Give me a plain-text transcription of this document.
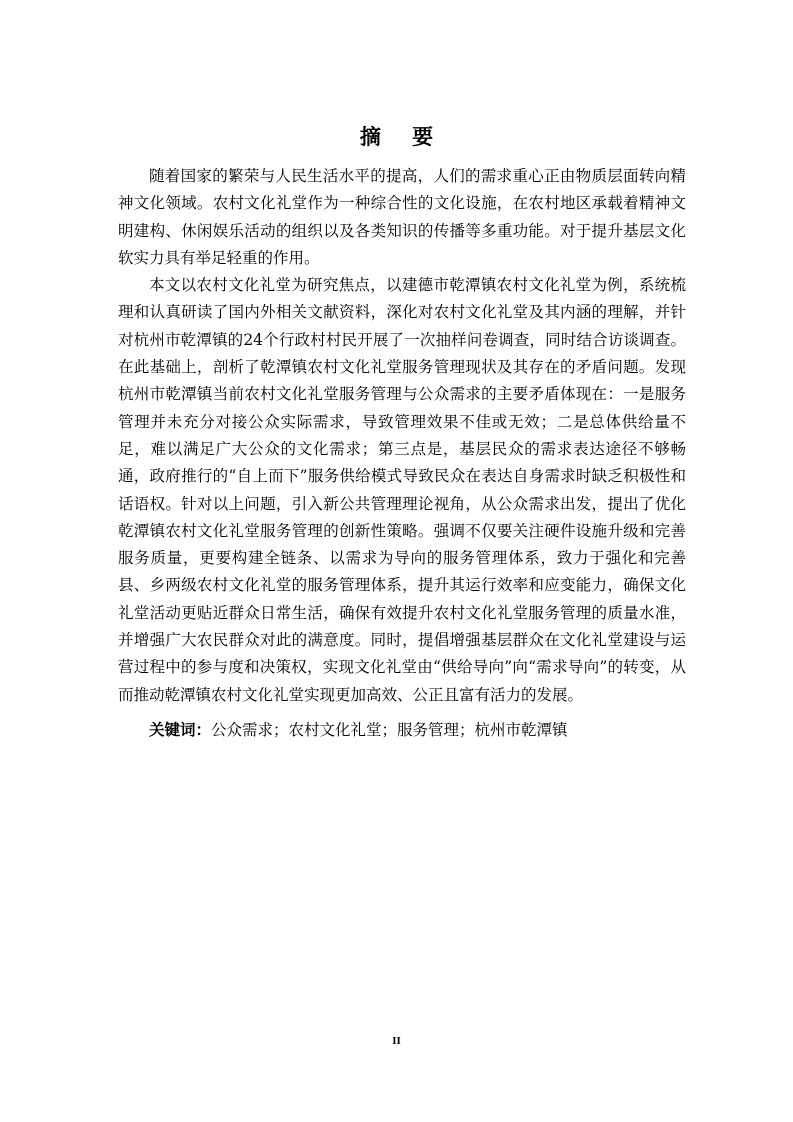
摘 要

随着国家的繁荣与人民生活水平的提高，人们的需求重心正由物质层面转向精神文化领域。农村文化礼堂作为一种综合性的文化设施，在农村地区承载着精神文明建构、休闲娱乐活动的组织以及各类知识的传播等多重功能。对于提升基层文化软实力具有举足轻重的作用。

本文以农村文化礼堂为研究焦点，以建德市乾潭镇农村文化礼堂为例，系统梳理和认真研读了国内外相关文献资料，深化对农村文化礼堂及其内涵的理解，并针对杭州市乾潭镇的24个行政村村民开展了一次抽样问卷调查，同时结合访谈调查。在此基础上，剖析了乾潭镇农村文化礼堂服务管理现状及其存在的矛盾问题。发现杭州市乾潭镇当前农村文化礼堂服务管理与公众需求的主要矛盾体现在：一是服务管理并未充分对接公众实际需求，导致管理效果不佳或无效；二是总体供给量不足，难以满足广大公众的文化需求；第三点是，基层民众的需求表达途径不够畅通，政府推行的“自上而下”服务供给模式导致民众在表达自身需求时缺乏积极性和话语权。针对以上问题，引入新公共管理理论视角，从公众需求出发，提出了优化乾潭镇农村文化礼堂服务管理的创新性策略。强调不仅要关注硬件设施升级和完善服务质量，更要构建全链条、以需求为导向的服务管理体系，致力于强化和完善县、乡两级农村文化礼堂的服务管理体系，提升其运行效率和应变能力，确保文化礼堂活动更贴近群众日常生活，确保有效提升农村文化礼堂服务管理的质量水准，并增强广大农民群众对此的满意度。同时，提倡增强基层群众在文化礼堂建设与运营过程中的参与度和决策权，实现文化礼堂由“供给导向”向“需求导向”的转变，从而推动乾潭镇农村文化礼堂实现更加高效、公正且富有活力的发展。

关键词：公众需求；农村文化礼堂；服务管理；杭州市乾潭镇

II
